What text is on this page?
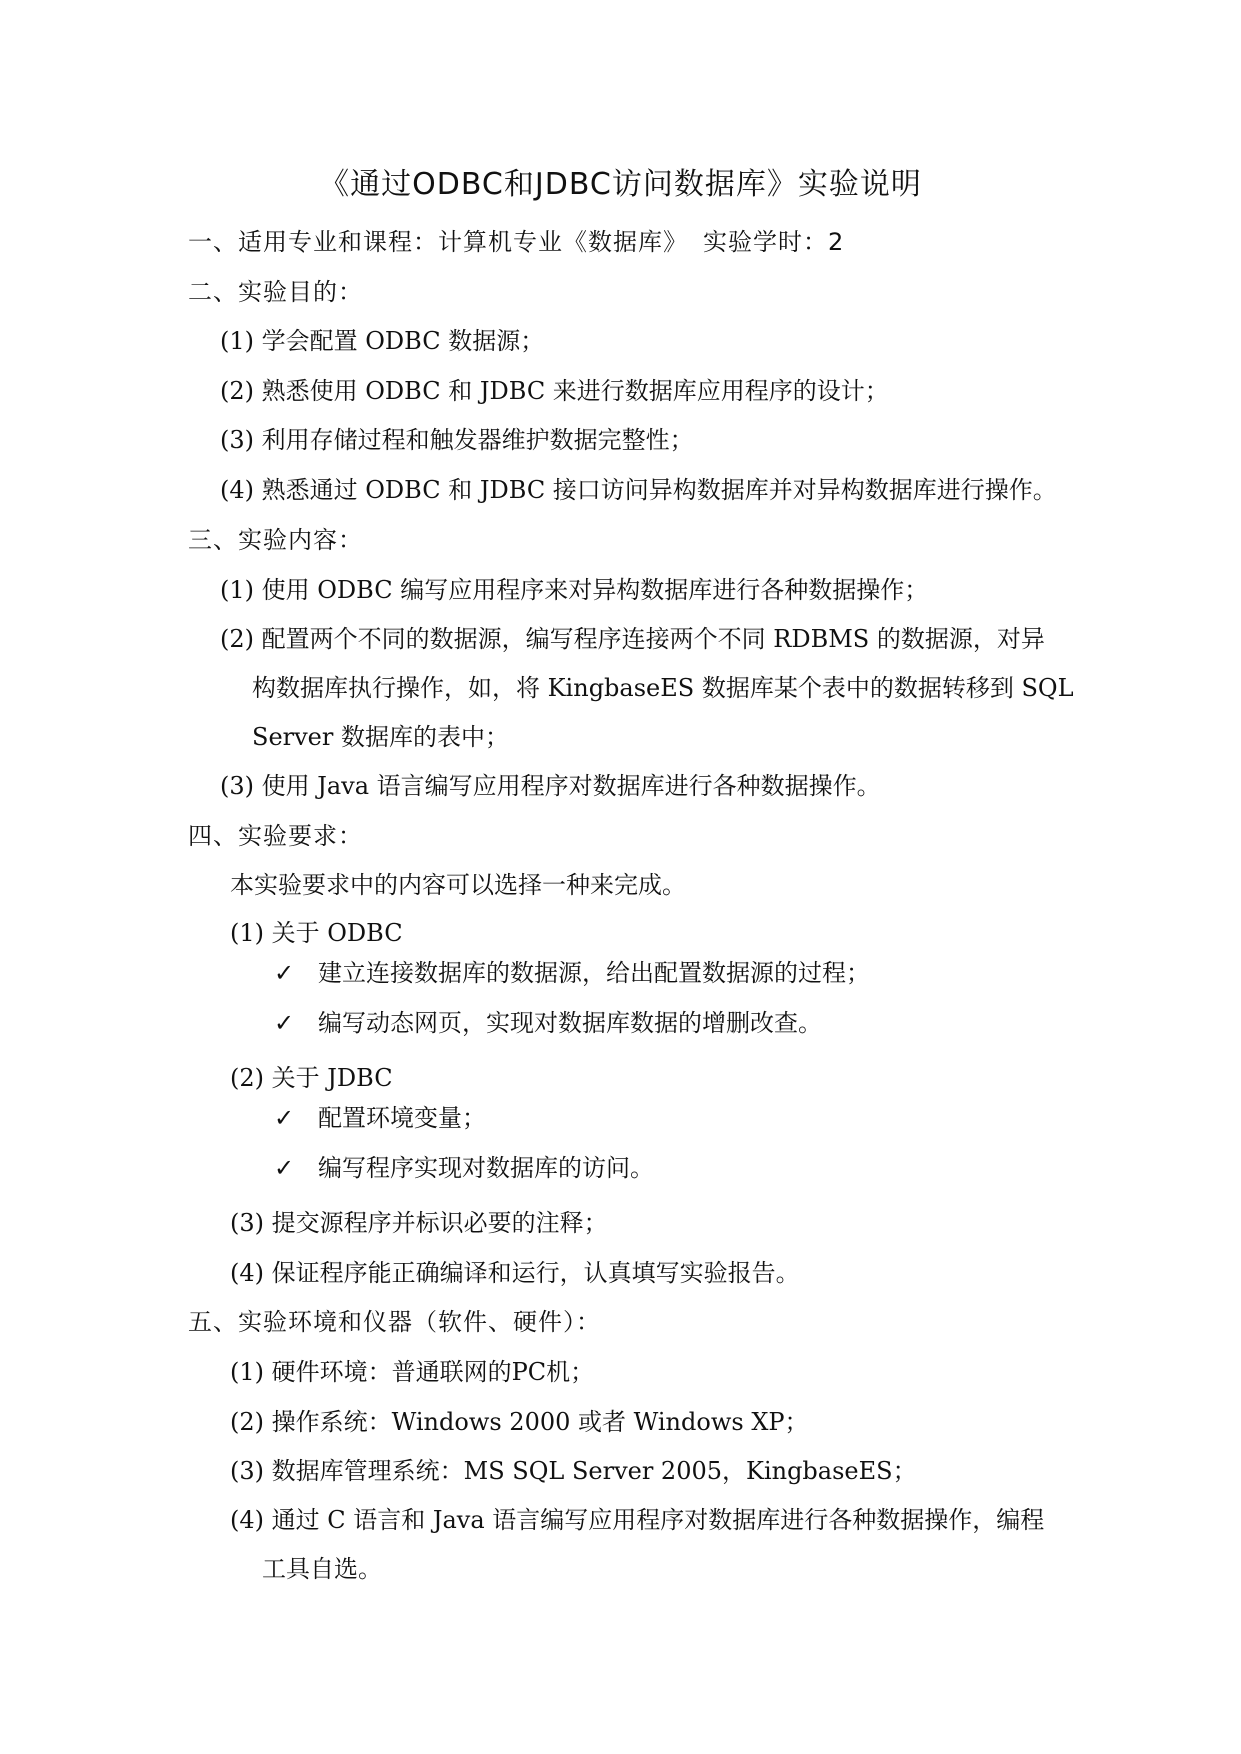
《通过ODBC和JDBC访问数据库》实验说明
一、适用专业和课程：计算机专业《数据库》 实验学时：2
二、实验目的：
(1) 学会配置 ODBC 数据源；
(2) 熟悉使用 ODBC 和 JDBC 来进行数据库应用程序的设计；
(3) 利用存储过程和触发器维护数据完整性；
(4) 熟悉通过 ODBC 和 JDBC 接口访问异构数据库并对异构数据库进行操作。
三、实验内容：
(1) 使用 ODBC 编写应用程序来对异构数据库进行各种数据操作；
(2) 配置两个不同的数据源，编写程序连接两个不同 RDBMS 的数据源，对异
构数据库执行操作，如，将 KingbaseES 数据库某个表中的数据转移到 SQL
Server 数据库的表中；
(3) 使用 Java 语言编写应用程序对数据库进行各种数据操作。
四、实验要求：
本实验要求中的内容可以选择一种来完成。
(1) 关于 ODBC
✓ 建立连接数据库的数据源，给出配置数据源的过程；
✓ 编写动态网页，实现对数据库数据的增删改查。
(2) 关于 JDBC
✓ 配置环境变量；
✓ 编写程序实现对数据库的访问。
(3) 提交源程序并标识必要的注释；
(4) 保证程序能正确编译和运行，认真填写实验报告。
五、实验环境和仪器（软件、硬件）：
(1) 硬件环境：普通联网的PC机；
(2) 操作系统：Windows 2000 或者 Windows XP；
(3) 数据库管理系统：MS SQL Server 2005，KingbaseES；
(4) 通过 C 语言和 Java 语言编写应用程序对数据库进行各种数据操作，编程
工具自选。
